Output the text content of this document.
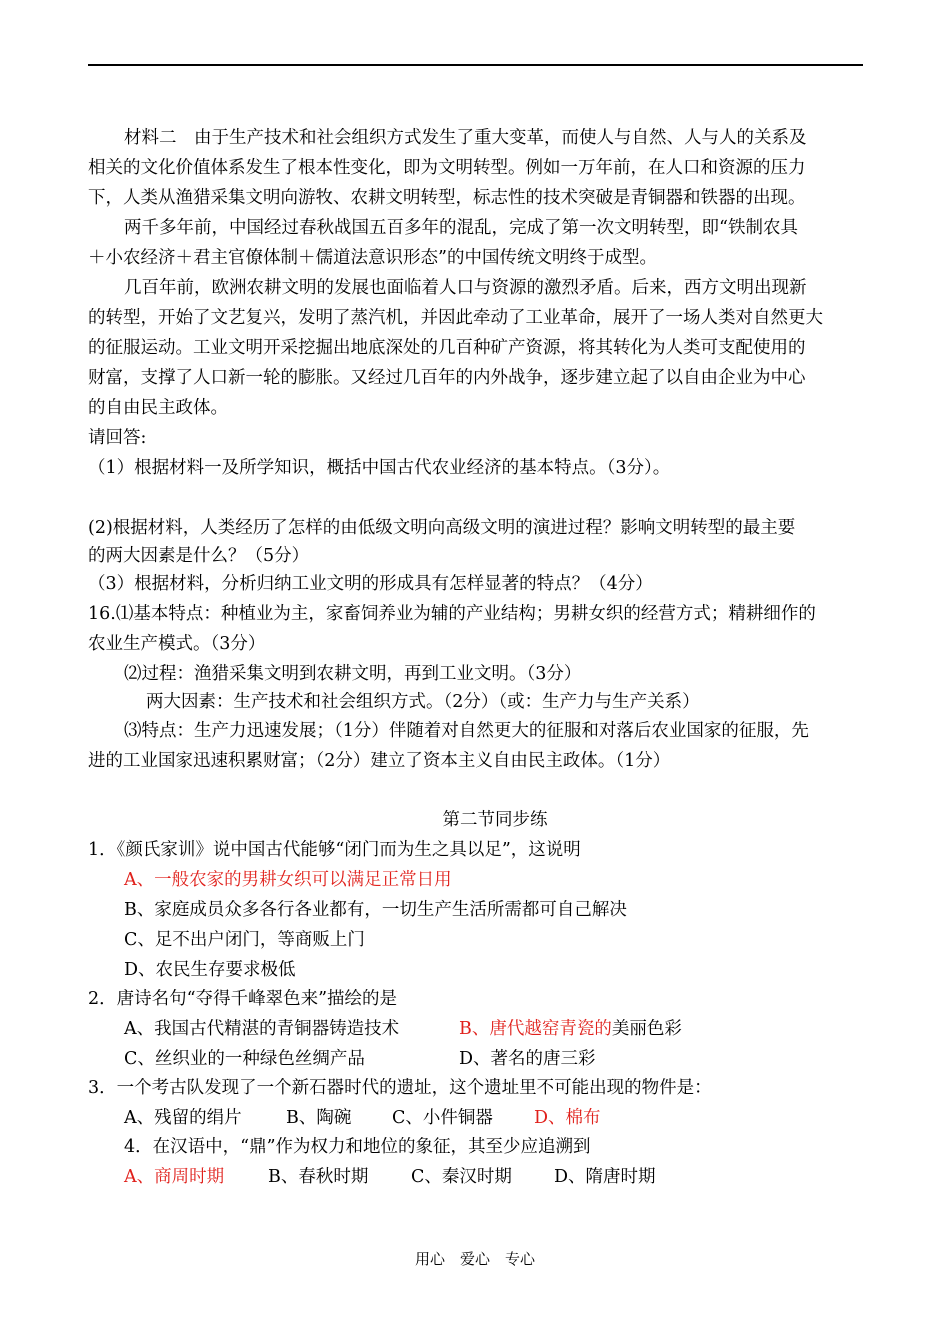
材料二　由于生产技术和社会组织方式发生了重大变革，而使人与自然、人与人的关系及
相关的文化价值体系发生了根本性变化，即为文明转型。例如一万年前，在人口和资源的压力
下，人类从渔猎采集文明向游牧、农耕文明转型，标志性的技术突破是青铜器和铁器的出现。
两千多年前，中国经过春秋战国五百多年的混乱，完成了第一次文明转型，即“铁制农具
＋小农经济＋君主官僚体制＋儒道法意识形态”的中国传统文明终于成型。
几百年前，欧洲农耕文明的发展也面临着人口与资源的激烈矛盾。后来，西方文明出现新
的转型，开始了文艺复兴，发明了蒸汽机，并因此牵动了工业革命，展开了一场人类对自然更大
的征服运动。工业文明开采挖掘出地底深处的几百种矿产资源，将其转化为人类可支配使用的
财富，支撑了人口新一轮的膨胀。又经过几百年的内外战争，逐步建立起了以自由企业为中心
的自由民主政体。
请回答:
（1）根据材料一及所学知识，概括中国古代农业经济的基本特点。（3分）。
(2)根据材料，人类经历了怎样的由低级文明向高级文明的演进过程？影响文明转型的最主要
的两大因素是什么？（5分）
（3）根据材料，分析归纳工业文明的形成具有怎样显著的特点？（4分）
16.⑴基本特点：种植业为主，家畜饲养业为辅的产业结构；男耕女织的经营方式；精耕细作的
农业生产模式。（3分）
⑵过程：渔猎采集文明到农耕文明，再到工业文明。（3分）
两大因素：生产技术和社会组织方式。（2分）（或：生产力与生产关系）
⑶特点：生产力迅速发展；（1分）伴随着对自然更大的征服和对落后农业国家的征服，先
进的工业国家迅速积累财富；（2分）建立了资本主义自由民主政体。（1分）
第二节同步练
1．《颜氏家训》说中国古代能够“闭门而为生之具以足”，这说明
A、一般农家的男耕女织可以满足正常日用
B、家庭成员众多各行各业都有，一切生产生活所需都可自己解决
C、足不出户闭门，等商贩上门
D、农民生存要求极低
2．唐诗名句“夺得千峰翠色来”描绘的是
A、我国古代精湛的青铜器铸造技术	B、唐代越窑青瓷的美丽色彩
C、丝织业的一种绿色丝绸产品	D、著名的唐三彩
3．一个考古队发现了一个新石器时代的遗址，这个遗址里不可能出现的物件是：
A、残留的绢片	B、陶碗 C、小件铜器 D、棉布
4．在汉语中，“鼎”作为权力和地位的象征，其至少应追溯到
A、商周时期	B、春秋时期 C、秦汉时期 D、隋唐时期
用心　爱心　专心
